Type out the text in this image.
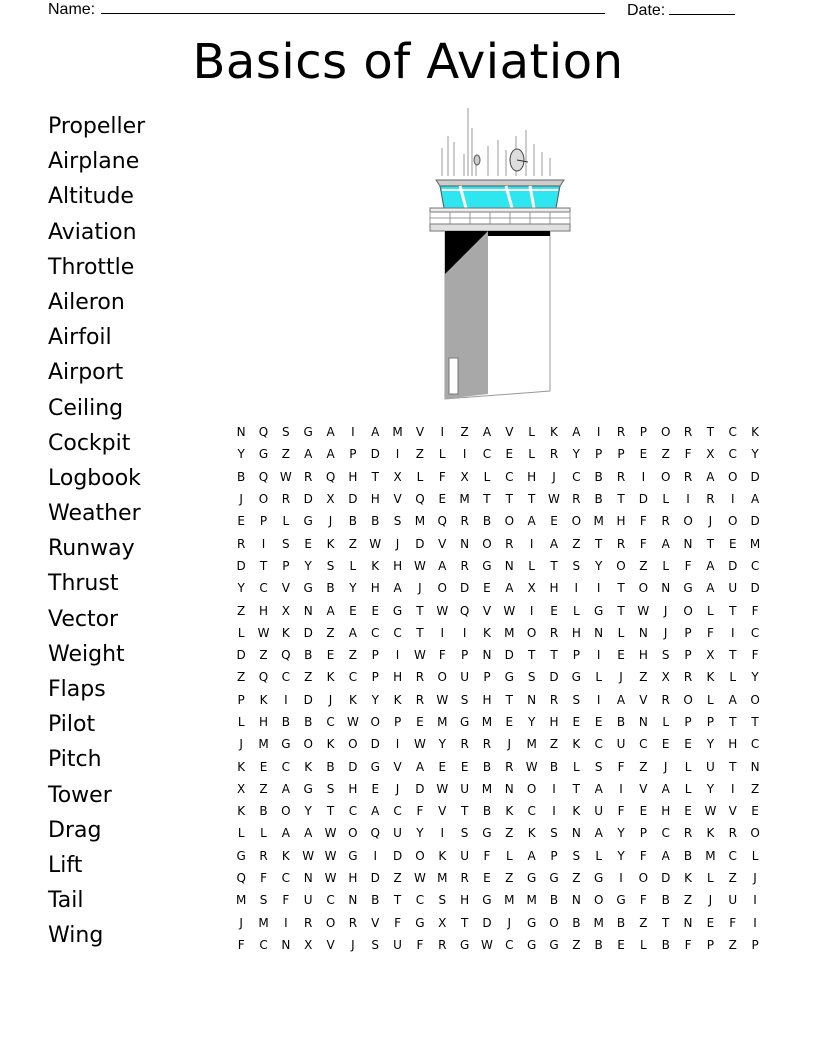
Name:	Date:
Basics of Aviation
Propeller
Airplane
Altitude
Aviation
Throttle
Aileron
Airfoil
Airport
Ceiling
Cockpit
Logbook
Weather
Runway
Thrust
Vector
Weight
Flaps
Pilot
Pitch
Tower
Drag
Lift
Tail
Wing
N	Q	S	G	A	I	A	M	V	I	Z	A	V	L	K	A	I	R	P	O	R	T	C	K
Y	G	Z	A	A	P	D	I	Z	L	I	C	E	L	R	Y	P	P	E	Z	F	X	C	Y
B	Q	W	R	Q	H	T	X	L	F	X	L	C	H	J	C	B	R	I	O	R	A	O	D
J	O	R	D	X	D	H	V	Q	E	M	T	T	T	W	R	B	T	D	L	I	R	I	A
E	P	L	G	J	B	B	S	M	Q	R	B	O	A	E	O	M	H	F	R	O	J	O	D
R	I	S	E	K	Z	W	J	D	V	N	O	R	I	A	Z	T	R	F	A	N	T	E	M
D	T	P	Y	S	L	K	H	W	A	R	G	N	L	T	S	Y	O	Z	L	F	A	D	C
Y	C	V	G	B	Y	H	A	J	O	D	E	A	X	H	I	I	T	O	N	G	A	U	D
Z	H	X	N	A	E	E	G	T	W	Q	V	W	I	E	L	G	T	W	J	O	L	T	F
L	W	K	D	Z	A	C	C	T	I	I	K	M	O	R	H	N	L	N	J	P	F	I	C
D	Z	Q	B	E	Z	P	I	W	F	P	N	D	T	T	P	I	E	H	S	P	X	T	F
Z	Q	C	Z	K	C	P	H	R	O	U	P	G	S	D	G	L	J	Z	X	R	K	L	Y
P	K	I	D	J	K	Y	K	R	W	S	H	T	N	R	S	I	A	V	R	O	L	A	O
L	H	B	B	C	W	O	P	E	M	G	M	E	Y	H	E	E	B	N	L	P	P	T	T
J	M	G	O	K	O	D	I	W	Y	R	R	J	M	Z	K	C	U	C	E	E	Y	H	C
K	E	C	K	B	D	G	V	A	E	E	B	R	W	B	L	S	F	Z	J	L	U	T	N
X	Z	A	G	S	H	E	J	D	W	U	M	N	O	I	T	A	I	V	A	L	Y	I	Z
K	B	O	Y	T	C	A	C	F	V	T	B	K	C	I	K	U	F	E	H	E	W	V	E
L	L	A	A	W	O	Q	U	Y	I	S	G	Z	K	S	N	A	Y	P	C	R	K	R	O
G	R	K	W	W	G	I	D	O	K	U	F	L	A	P	S	L	Y	F	A	B	M	C	L
Q	F	C	N	W	H	D	Z	W	M	R	E	Z	G	G	Z	G	I	O	D	K	L	Z	J
M	S	F	U	C	N	B	T	C	S	H	G	M	M	B	N	O	G	F	B	Z	J	U	I
J	M	I	R	O	R	V	F	G	X	T	D	J	G	O	B	M	B	Z	T	N	E	F	I
F	C	N	X	V	J	S	U	F	R	G	W	C	G	G	Z	B	E	L	B	F	P	Z	P
